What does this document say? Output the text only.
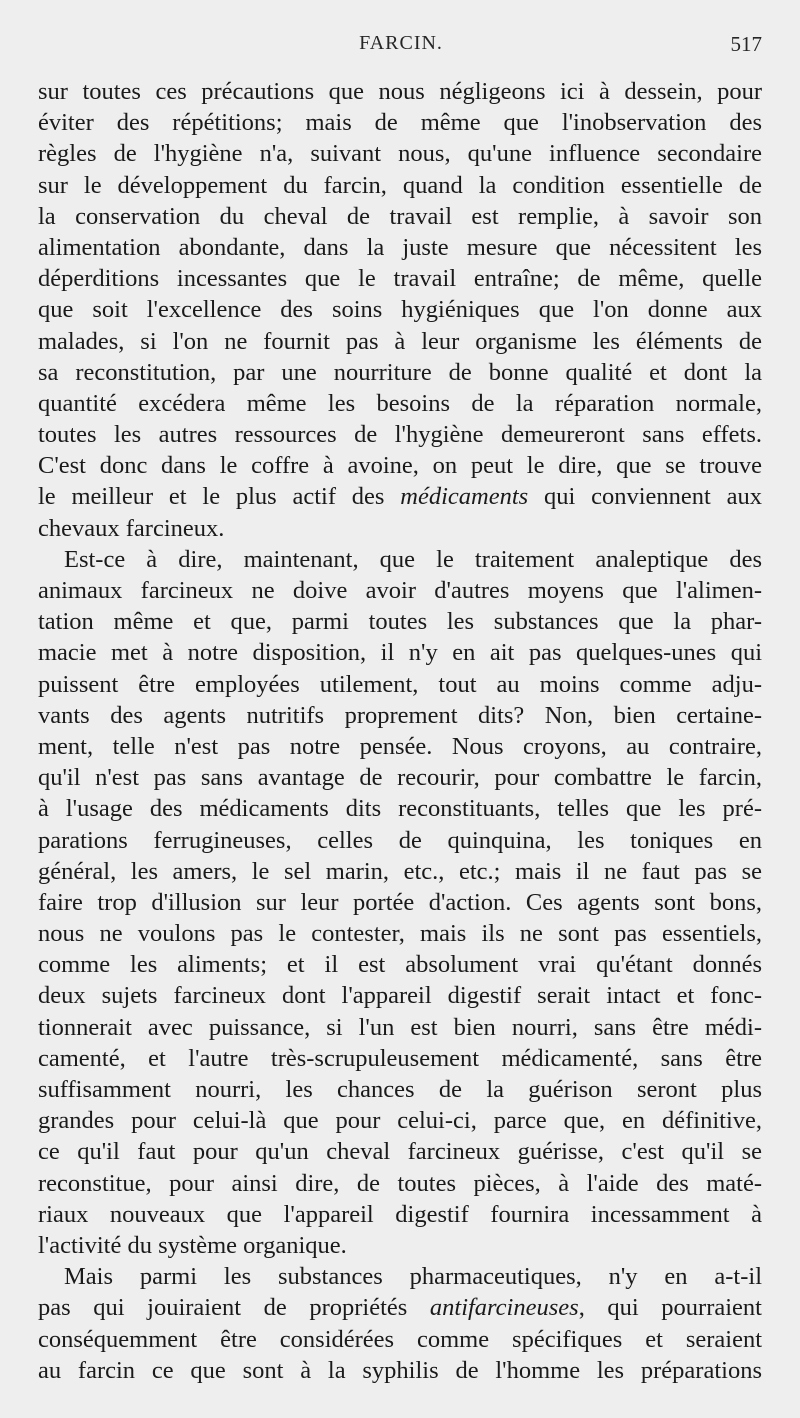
FARCIN.	517
sur toutes ces précautions que nous négligeons ici à dessein, pour
éviter des répétitions; mais de même que l'inobservation des
règles de l'hygiène n'a, suivant nous, qu'une influence secondaire
sur le développement du farcin, quand la condition essentielle de
la conservation du cheval de travail est remplie, à savoir son
alimentation abondante, dans la juste mesure que nécessitent les
déperditions incessantes que le travail entraîne; de même, quelle
que soit l'excellence des soins hygiéniques que l'on donne aux
malades, si l'on ne fournit pas à leur organisme les éléments de
sa reconstitution, par une nourriture de bonne qualité et dont la
quantité excédera même les besoins de la réparation normale,
toutes les autres ressources de l'hygiène demeureront sans effets.
C'est donc dans le coffre à avoine, on peut le dire, que se trouve
le meilleur et le plus actif des médicaments qui conviennent aux
chevaux farcineux.
Est-ce à dire, maintenant, que le traitement analeptique des
animaux farcineux ne doive avoir d'autres moyens que l'alimen-
tation même et que, parmi toutes les substances que la phar-
macie met à notre disposition, il n'y en ait pas quelques-unes qui
puissent être employées utilement, tout au moins comme adju-
vants des agents nutritifs proprement dits? Non, bien certaine-
ment, telle n'est pas notre pensée. Nous croyons, au contraire,
qu'il n'est pas sans avantage de recourir, pour combattre le farcin,
à l'usage des médicaments dits reconstituants, telles que les pré-
parations ferrugineuses, celles de quinquina, les toniques en
général, les amers, le sel marin, etc., etc.; mais il ne faut pas se
faire trop d'illusion sur leur portée d'action. Ces agents sont bons,
nous ne voulons pas le contester, mais ils ne sont pas essentiels,
comme les aliments; et il est absolument vrai qu'étant donnés
deux sujets farcineux dont l'appareil digestif serait intact et fonc-
tionnerait avec puissance, si l'un est bien nourri, sans être médi-
camenté, et l'autre très-scrupuleusement médicamenté, sans être
suffisamment nourri, les chances de la guérison seront plus
grandes pour celui-là que pour celui-ci, parce que, en définitive,
ce qu'il faut pour qu'un cheval farcineux guérisse, c'est qu'il se
reconstitue, pour ainsi dire, de toutes pièces, à l'aide des maté-
riaux nouveaux que l'appareil digestif fournira incessamment à
l'activité du système organique.
Mais parmi les substances pharmaceutiques, n'y en a-t-il
pas qui jouiraient de propriétés antifarcineuses, qui pourraient
conséquemment être considérées comme spécifiques et seraient
au farcin ce que sont à la syphilis de l'homme les préparations
